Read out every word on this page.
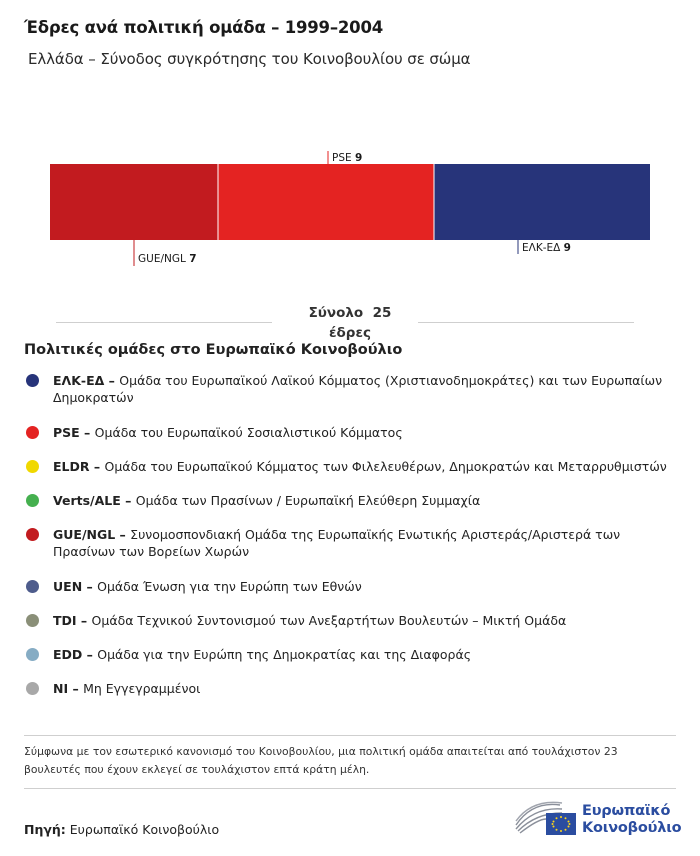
Έδρες ανά πολιτική ομάδα – 1999–2004
Ελλάδα – Σύνοδος συγκρότησης του Κοινοβουλίου σε σώμα
GUE/NGL 7
PSE 9
ΕΛΚ-ΕΔ 9
Σύνολο 25
έδρες
Πολιτικές ομάδες στο Ευρωπαϊκό Κοινοβούλιο
ΕΛΚ-ΕΔ – Ομάδα του Ευρωπαϊκού Λαϊκού Κόμματος (Χριστιανοδημοκράτες) και των Ευρωπαίων Δημοκρατών
PSE – Ομάδα του Ευρωπαϊκού Σοσιαλιστικού Κόμματος
ELDR – Ομάδα του Ευρωπαϊκού Κόμματος των Φιλελευθέρων, Δημοκρατών και Μεταρρυθμιστών
Verts/ALE – Ομάδα των Πρασίνων / Ευρωπαϊκή Ελεύθερη Συμμαχία
GUE/NGL – Συνομοσπονδιακή Ομάδα της Ευρωπαϊκής Ενωτικής Αριστεράς/Αριστερά των Πρασίνων των Βορείων Χωρών
UEN – Ομάδα Ένωση για την Ευρώπη των Εθνών
TDI – Ομάδα Τεχνικού Συντονισμού των Ανεξαρτήτων Βουλευτών – Μικτή Ομάδα
EDD – Ομάδα για την Ευρώπη της Δημοκρατίας και της Διαφοράς
NI – Μη Εγγεγραμμένοι
Σύμφωνα με τον εσωτερικό κανονισμό του Κοινοβουλίου, μια πολιτική ομάδα απαιτείται από τουλάχιστον 23 βουλευτές που έχουν εκλεγεί σε τουλάχιστον επτά κράτη μέλη.
Πηγή: Ευρωπαϊκό Κοινοβούλιο
Ευρωπαϊκό
Κοινοβούλιο
